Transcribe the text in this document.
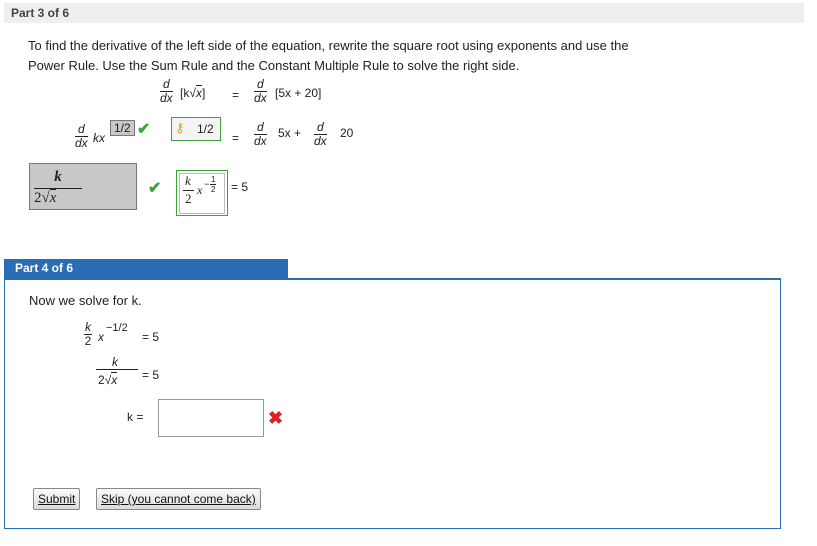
Part 3 of 6
To find the derivative of the left side of the equation, rewrite the square root using exponents and use the
Power Rule. Use the Sum Rule and the Constant Multiple Rule to solve the right side.
$\frac{d}{dx} [k√x] = \frac{d}{dx} [5x + 20]$
$\frac{d}{dx}$ kx
1/2 ✔ ⚷ 1/2
= $\frac{d}{dx} 5x + \frac{d}{dx} 20$
k
2√x
✔ k
2
x − 1
2 = 5
Part 4 of 6
Now we solve for k.
$\frac{k}{2}$ x
−1/2
= 5
k
2√x = 5
k =	✖
Submit	Skip (you cannot come back)
